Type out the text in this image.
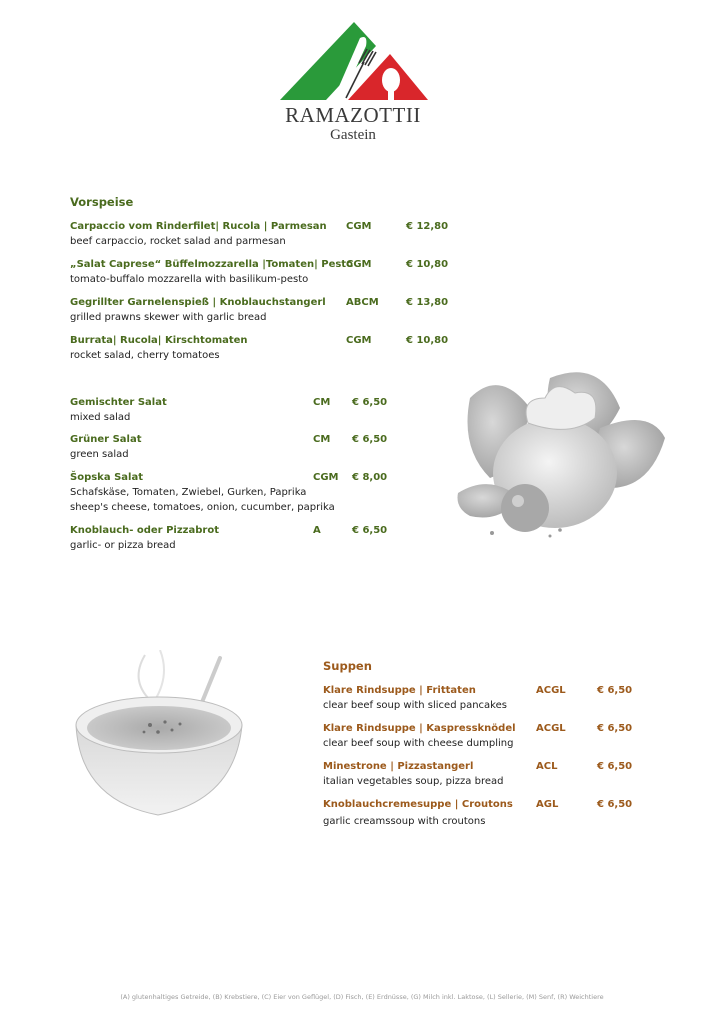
RAMAZOTTII
Gastein
Vorspeise
Carpaccio vom Rinderfilet| Rucola | Parmesan
beef carpaccio, rocket salad and parmesan
CGM	€ 12,80
„Salat Caprese“ Büffelmozzarella |Tomaten| Pesto
tomato-buffalo mozzarella with basilikum-pesto
CGM	€ 10,80
Gegrillter Garnelenspieß | Knoblauchstangerl
grilled prawns skewer with garlic bread
ABCM	€ 13,80
Burrata| Rucola| Kirschtomaten
rocket salad, cherry tomatoes
CGM	€ 10,80
Gemischter Salat
mixed salad
CM € 6,50
Grüner Salat
green salad
CM € 6,50
Šopska Salat
Schafskäse, Tomaten, Zwiebel, Gurken, Paprika
sheep's cheese, tomatoes, onion, cucumber, paprika
CGM € 8,00
Knoblauch- oder Pizzabrot
garlic- or pizza bread
A	€ 6,50
Suppen
Klare Rindsuppe | Frittaten
clear beef soup with sliced pancakes
ACGL	€ 6,50
Klare Rindsuppe | Kaspressknödel
clear beef soup with cheese dumpling
ACGL	€ 6,50
Minestrone | Pizzastangerl
italian vegetables soup, pizza bread
ACL	€ 6,50
Knoblauchcremesuppe | Croutons
garlic creamssoup with croutons
AGL	€ 6,50
(A) glutenhaltiges Getreide, (B) Krebstiere, (C) Eier von Geflügel, (D) Fisch, (E) Erdnüsse, (G) Milch inkl. Laktose, (L) Sellerie, (M) Senf, (R) Weichtiere
